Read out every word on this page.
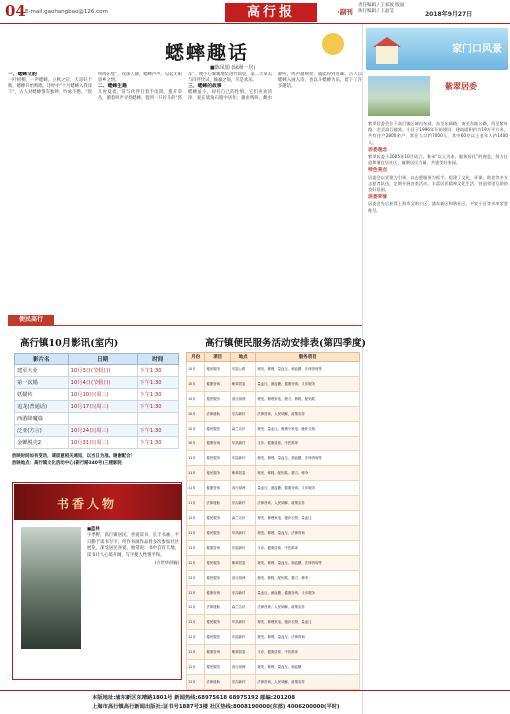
04 E-mail:gaohangbao@126.com	高行报	·副刊
责任编辑 / 王家骏 版面
执行编辑 / 王晶莹	2018年9月27日
蟋蟀趣话
■陈凤娟 (绿洲一居)
一、蟋蟀文韵

一叶梧桐，一声蟋蟀。立秋之后，天凉好个秋，蟋蟀开始鸣唱。诗经中“十月蟋蟀入我床下”，古人对蟋蟀情有独钟，吟咏不绝。“促织鸣东壁”，夜深人静，蟋蟀声声，勾起无限思乡之情。

二、蟋蟀生趣

儿时夏夜，常与伙伴打着手电筒，拨开草丛，循着叫声寻找蟋蟀。捉到一只好斗的“将军”，便小心翼翼地装进竹筒里，第二天拿去与同伴比试，输赢之间，尽是欢乐。

三、蟋蟀的故事

蟋蟀虽小，却有自己的性情。它们喜欢清净，爱在墙角石缝中居住；雄虫鸣叫，雌虫静听，鸣声越响亮，越能得到青睐。古人以蟋蟀入画入诗，也以斗蟋蟀为乐，留下了许多趣话。

家门口风景
紫翠居委

紫翠居委会位于高行镇区域内东部，东至东靖路，南至东陆公路，西至紫叶路，北至高行镇界。小区于1996年开始建设，建筑面积约为19万平方米，共有住户2800余户，常住人口约7000人，其中60岁以上老年人约1400人。

居委理念

紫翠居委于2005年10月成立，秉承“以人为本、服务居民”的理念，努力打造和谐宜居社区，凝聚居民力量，共建美好家园。

特色亮点

居委会以党建为引领，以志愿服务为抓手，组建了文化、环保、助老等多支志愿者队伍，定期开展各类活动，丰富居民精神文化生活，营造邻里互助的良好氛围。

居委荣誉

居委会先后获得上海市文明小区、浦东新区和谐社区、平安小区等多项荣誉称号。

便民高行
高行镇10月影讯(室内)
影片名	日期	时间
建军大业	10月3日(节假日)	下午1:30
第一次婚	10月4日(节假日)	下午1:30
妖猫传	10月10日(周三)	下午1:30
追龙(普通话)	10月17日(周三)	下午1:30
西游降魔篇		
泛亚(方言)	10月24日(周三)	下午1:30
金蝉脱壳2	10月31日(周三)	下午1:30

放映时间如有变动，请留意相关通知，以当日为准。谢谢配合！

放映地点：高行镇文化活动中心(新行路340号)三楼影院

高行镇便民服务活动安排表(第四季度)
月份	项目	地点	服务项目
10月	便民服务	东陆公路	理发、修理、量血压、测血糖、法律咨询等
10月	健康咨询	紫翠居委	量血压、测血糖、健康咨询、义诊服务
10月	便民服务	高行绿洲	理发、修理家电、磨刀、修鞋、配钥匙
10月	法律援助	东沟新村	法律咨询、人民调解、政策宣传
10月	便民服务	森兰名轩	理发、量血压、修理小家电、缝补衣物
10月	健康咨询	华高新村	义诊、健康讲座、中医推拿
11月	便民服务	东陆新村	理发、修理、量血压、测血糖、法律咨询等
11月	便民服务	紫翠居委	理发、修鞋、配钥匙、磨刀、修伞
11月	健康咨询	高行绿洲	量血压、测血糖、健康咨询、义诊服务
11月	法律援助	东沟新村	法律咨询、人民调解、政策宣传
11月	便民服务	森兰名轩	理发、修理家电、缝补衣物、量血压
11月	便民服务	华高新村	理发、修理、量血压、法律咨询
11月	健康咨询	东陆新村	义诊、健康讲座、中医推拿
12月	便民服务	紫翠居委	理发、修理、量血压、测血糖、法律咨询等
12月	便民服务	高行绿洲	理发、修鞋、配钥匙、磨刀、修伞
12月	健康咨询	东沟新村	量血压、测血糖、健康咨询、义诊服务
12月	法律援助	森兰名轩	法律咨询、人民调解、政策宣传
12月	便民服务	华高新村	理发、修理家电、缝补衣物、量血压
12月	便民服务	东陆新村	理发、修理、量血压、法律咨询
12月	健康咨询	紫翠居委	义诊、健康讲座、中医推拿
12月	便民服务	高行绿洲	理发、修理、量血压、测血糖
12月	法律援助	东沟新村	法律咨询、人民调解、政策宣传
书香人物
■蓝林

字季野，高行镇居民。喜爱读书，长于书画，平日勤于读书写字，所作书画作品曾多次参加社区展览，深受居民喜爱。他常说：书中自有天地，读书让人心境开阔，写字使人性情平和。

(方世华供稿)
本版地址:浦东新区东靖路1801号 新闻热线:68975618 68975192 邮编:201208
上海市高行镇高行新闻出版社:证书号1887号3楼 社区热线:8008190000(东部) 4006200000(平时)
